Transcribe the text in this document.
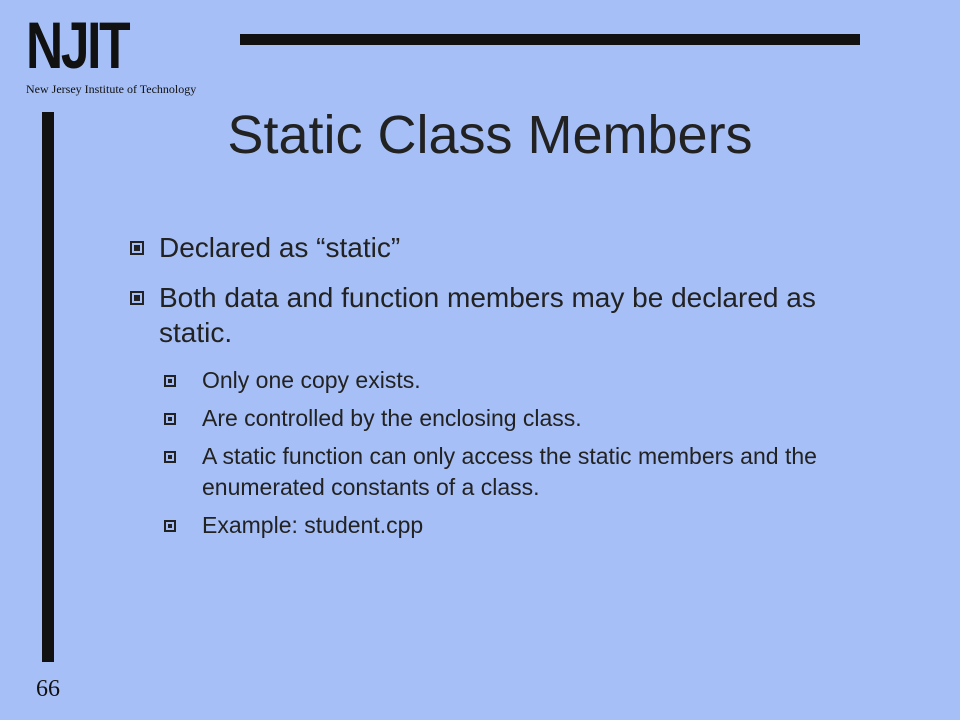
NJIT
New Jersey Institute of Technology
Static Class Members
Declared as “static”
Both data and function members may be declared as static.
Only one copy exists.
Are controlled by the enclosing class.
A static function can only access the static members and the enumerated constants of a class.
Example: student.cpp
66
